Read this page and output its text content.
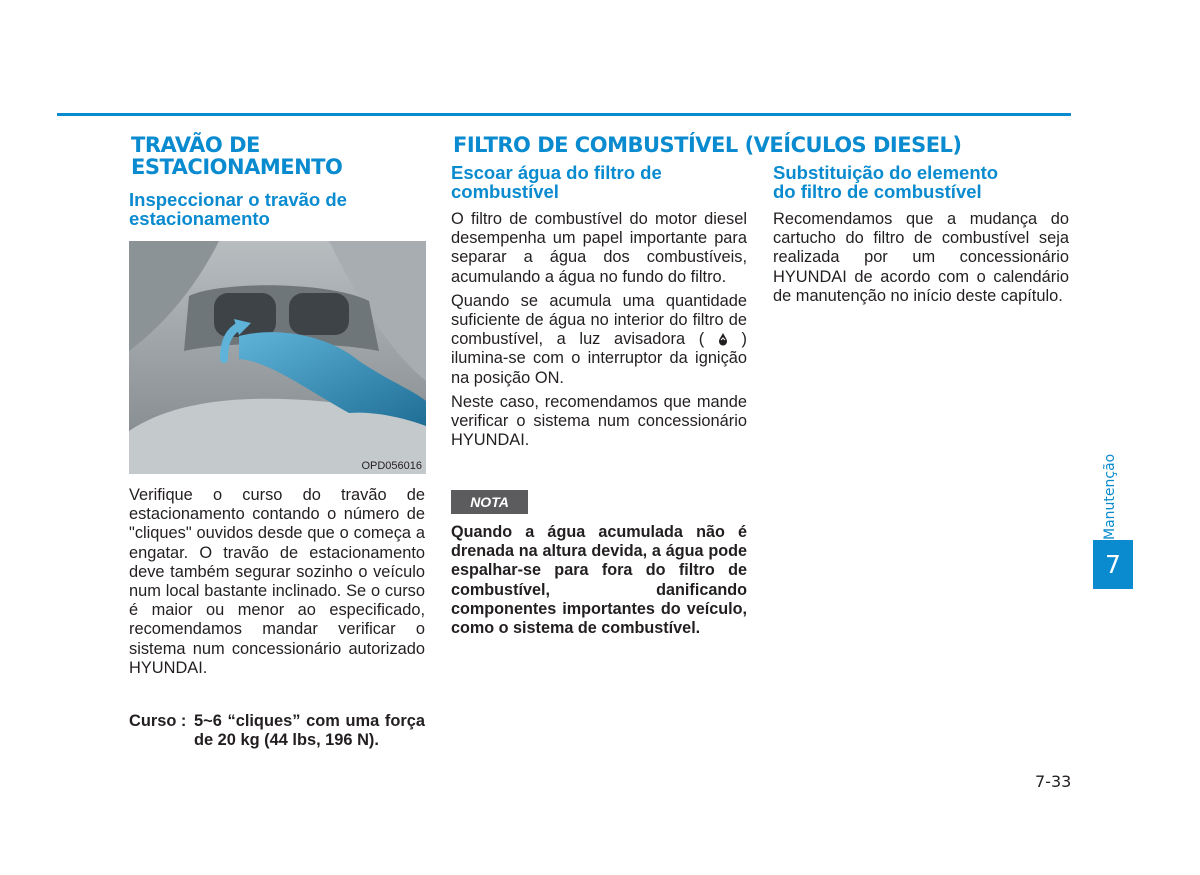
TRAVÃO DE
ESTACIONAMENTO
Inspeccionar o travão de
estacionamento
OPD056016

Verifique o curso do travão de estacionamento contando o número de "cliques" ouvidos desde que o começa a engatar. O travão de estacionamento deve também segurar sozinho o veículo num local bastante inclinado. Se o curso é maior ou menor ao especificado, recomendamos mandar verificar o sistema num concessionário autorizado HYUNDAI.

Curso : 5~6 “cliques” com uma força de 20 kg (44 lbs, 196 N).
FILTRO DE COMBUSTÍVEL (VEÍCULOS DIESEL)
Escoar água do filtro de
combustível

O filtro de combustível do motor diesel desempenha um papel importante para separar a água dos combustíveis, acumulando a água no fundo do filtro.

Quando se acumula uma quantidade suficiente de água no interior do filtro de combustível, a luz avisadora ( ) ilumina-se com o interruptor da ignição na posição ON.

Neste caso, recomendamos que mande verificar o sistema num concessionário HYUNDAI.

NOTA

Quando a água acumulada não é drenada na altura devida, a água pode espalhar-se para fora do filtro de combustível, danificando componentes importantes do veículo, como o sistema de combustível.

Substituição do elemento
do filtro de combustível

Recomendamos que a mudança do cartucho do filtro de combustível seja realizada por um concessionário HYUNDAI de acordo com o calendário de manutenção no início deste capítulo.

Manutenção
7
7-33
